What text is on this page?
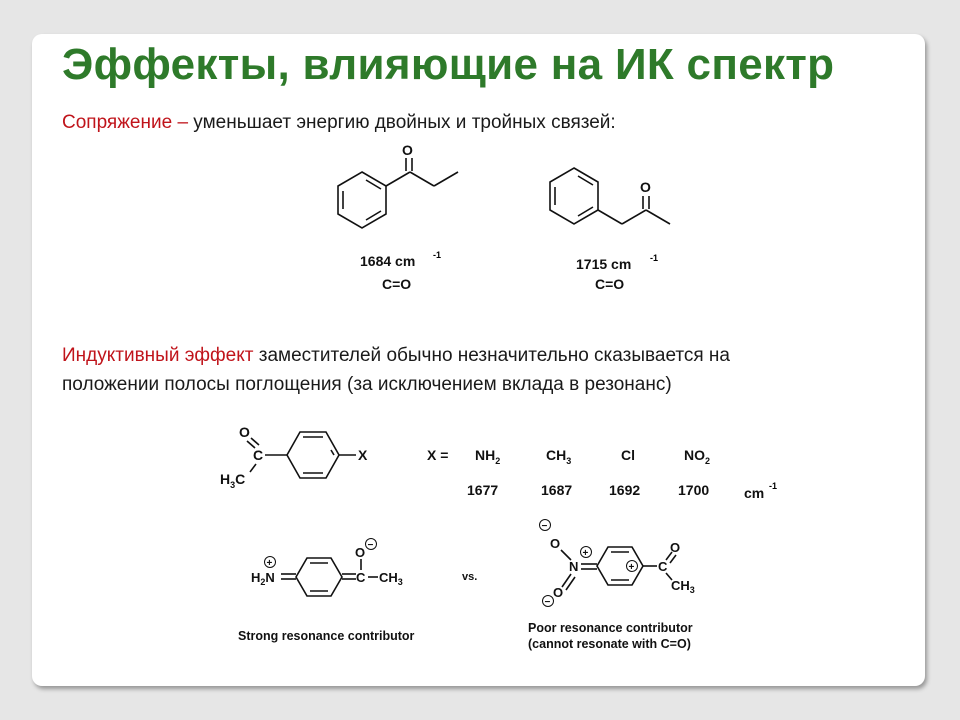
Эффекты, влияющие на ИК спектр
Сопряжение – уменьшает энергию двойных и тройных связей:
Индуктивный эффект заместителей обычно незначительно сказывается на
положении полосы поглощения (за исключением вклада в резонанс)
O
1684 cm -1
C=O
O
1715 cm -1
C=O
O
C
$H_3C$
X	$X = NH_2$	$CH_3$	Cl	$NO_2$
1677	1687	1692	1700 cm -1
+
$H_2N$	C
O −
$CH_3$
Strong resonance contributor
vs.
−
O
+
N
O
−
+ C
O
$CH_3$
Poor resonance contributor
(cannot resonate with C=O)
